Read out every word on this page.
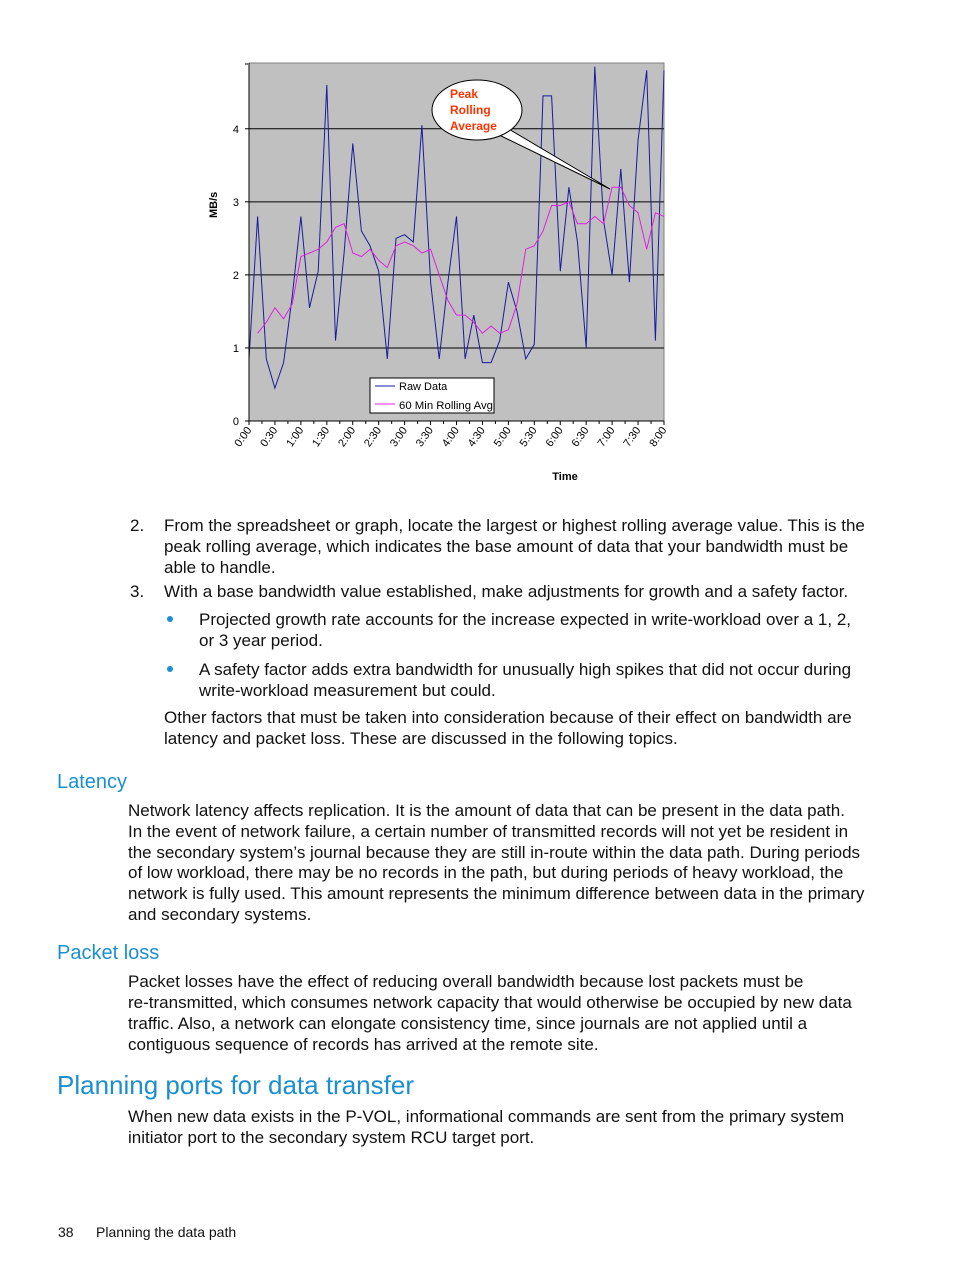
0
1
2
3
4
0:00 0:30 1:00 1:30 2:00 2:30 3:00 3:30 4:00 4:30 5:00 5:30 6:00 6:30 7:00 7:30 8:00
MB/s
Time
Raw Data
60 Min Rolling Avg
Peak Rolling Average
2. From the spreadsheet or graph, locate the largest or highest rolling average value. This is the
peak rolling average, which indicates the base amount of data that your bandwidth must be
able to handle.
3. With a base bandwidth value established, make adjustments for growth and a safety factor.
Projected growth rate accounts for the increase expected in write-workload over a 1, 2,
or 3 year period.
A safety factor adds extra bandwidth for unusually high spikes that did not occur during
write-workload measurement but could.
Other factors that must be taken into consideration because of their effect on bandwidth are
latency and packet loss. These are discussed in the following topics.
Latency
Network latency affects replication. It is the amount of data that can be present in the data path.
In the event of network failure, a certain number of transmitted records will not yet be resident in
the secondary system’s journal because they are still in-route within the data path. During periods
of low workload, there may be no records in the path, but during periods of heavy workload, the
network is fully used. This amount represents the minimum difference between data in the primary
and secondary systems.
Packet loss
Packet losses have the effect of reducing overall bandwidth because lost packets must be
re-transmitted, which consumes network capacity that would otherwise be occupied by new data
traffic. Also, a network can elongate consistency time, since journals are not applied until a
contiguous sequence of records has arrived at the remote site.
Planning ports for data transfer
When new data exists in the P-VOL, informational commands are sent from the primary system
initiator port to the secondary system RCU target port.
38 Planning the data path
